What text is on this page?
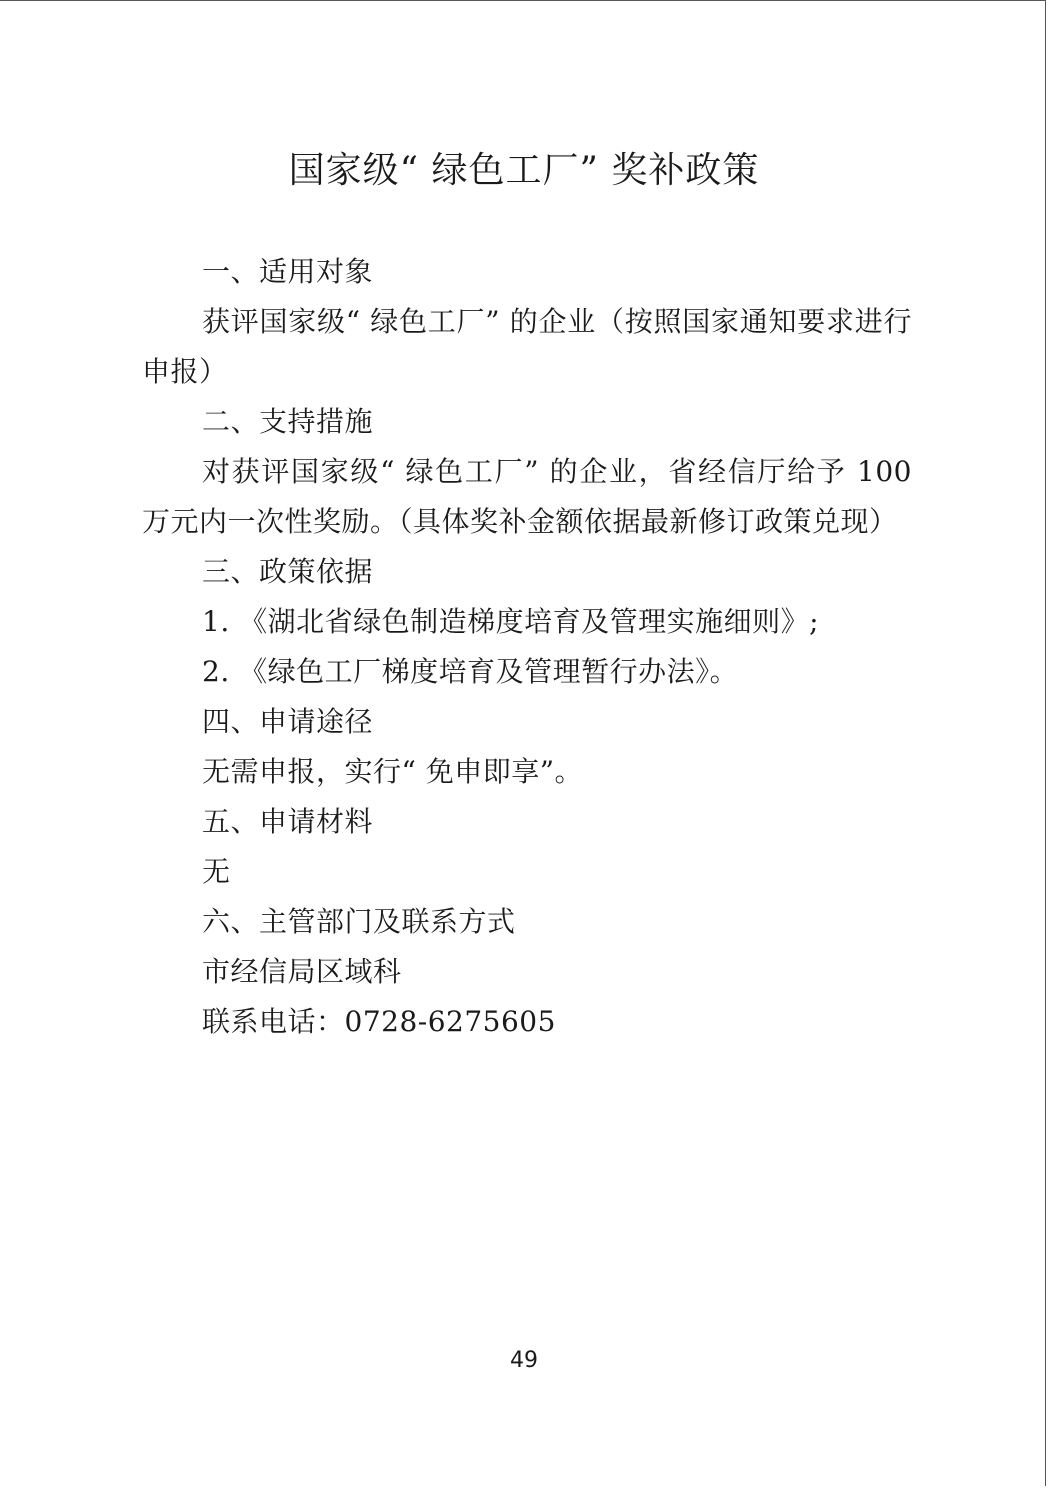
国家级“ 绿色工厂” 奖补政策

一、适用对象

获评国家级“ 绿色工厂” 的企业（按照国家通知要求进行申报）

二、支持措施

对获评国家级“ 绿色工厂” 的企业，省经信厅给予 100 万元内一次性奖励。（具体奖补金额依据最新修订政策兑现）

三、政策依据

1. 《湖北省绿色制造梯度培育及管理实施细则》;

2. 《绿色工厂梯度培育及管理暂行办法》。

四、申请途径

无需申报，实行“ 免申即享”。

五、申请材料

无

六、主管部门及联系方式

市经信局区域科

联系电话：0728-6275605

49
